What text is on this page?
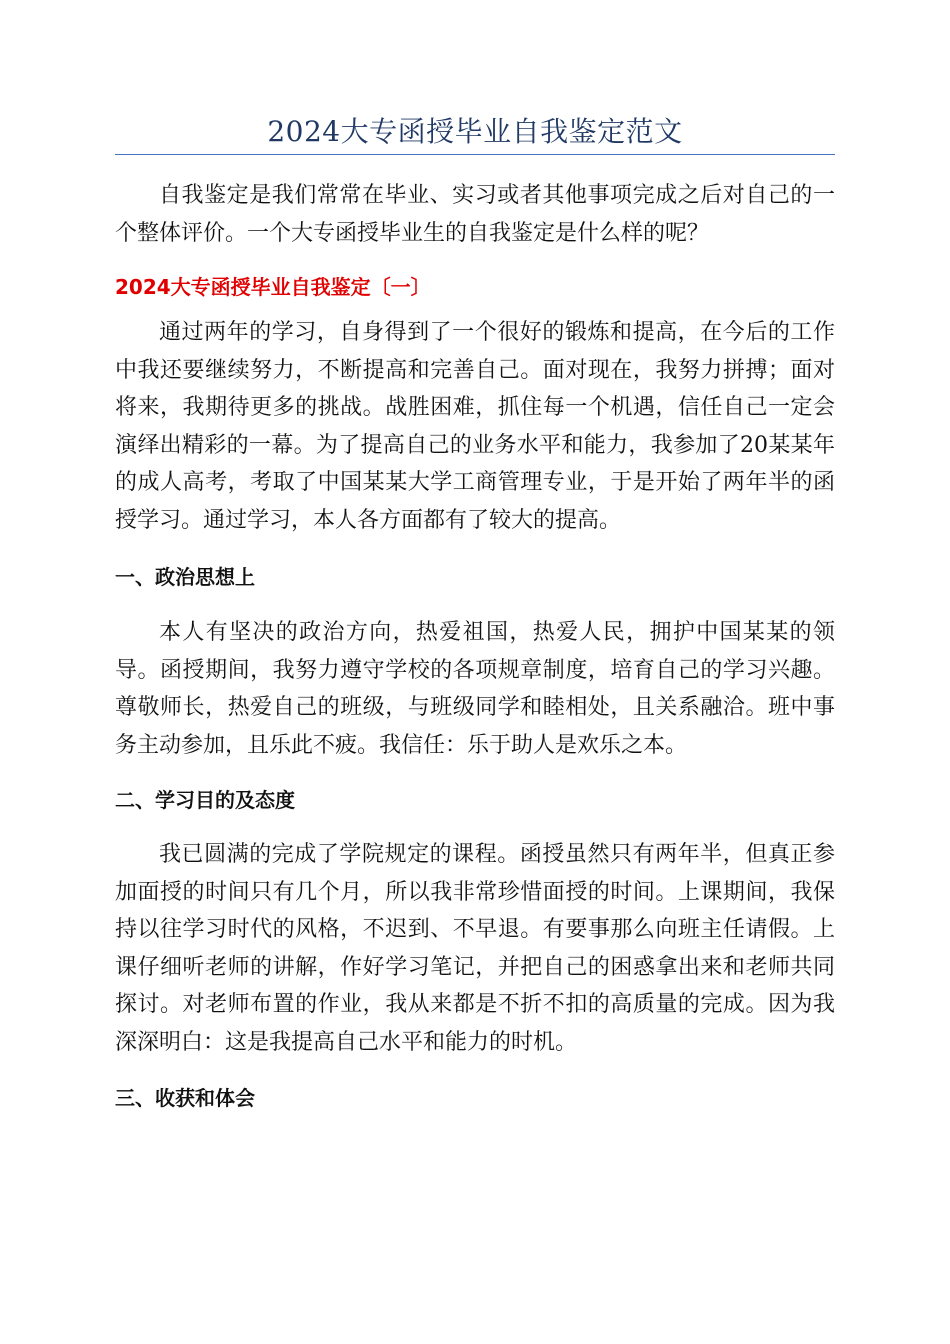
2024大专函授毕业自我鉴定范文

自我鉴定是我们常常在毕业、实习或者其他事项完成之后对自己的一个整体评价。一个大专函授毕业生的自我鉴定是什么样的呢？

2024大专函授毕业自我鉴定〔一〕

通过两年的学习，自身得到了一个很好的锻炼和提高，在今后的工作中我还要继续努力，不断提高和完善自己。面对现在，我努力拼搏；面对将来，我期待更多的挑战。战胜困难，抓住每一个机遇，信任自己一定会演绎出精彩的一幕。为了提高自己的业务水平和能力，我参加了20某某年的成人高考，考取了中国某某大学工商管理专业，于是开始了两年半的函授学习。通过学习，本人各方面都有了较大的提高。

一、政治思想上

本人有坚决的政治方向，热爱祖国，热爱人民，拥护中国某某的领导。函授期间，我努力遵守学校的各项规章制度，培育自己的学习兴趣。尊敬师长，热爱自己的班级，与班级同学和睦相处，且关系融洽。班中事务主动参加，且乐此不疲。我信任：乐于助人是欢乐之本。

二、学习目的及态度

我已圆满的完成了学院规定的课程。函授虽然只有两年半，但真正参加面授的时间只有几个月，所以我非常珍惜面授的时间。上课期间，我保持以往学习时代的风格，不迟到、不早退。有要事那么向班主任请假。上课仔细听老师的讲解，作好学习笔记，并把自己的困惑拿出来和老师共同探讨。对老师布置的作业，我从来都是不折不扣的高质量的完成。因为我深深明白：这是我提高自己水平和能力的时机。

三、收获和体会
